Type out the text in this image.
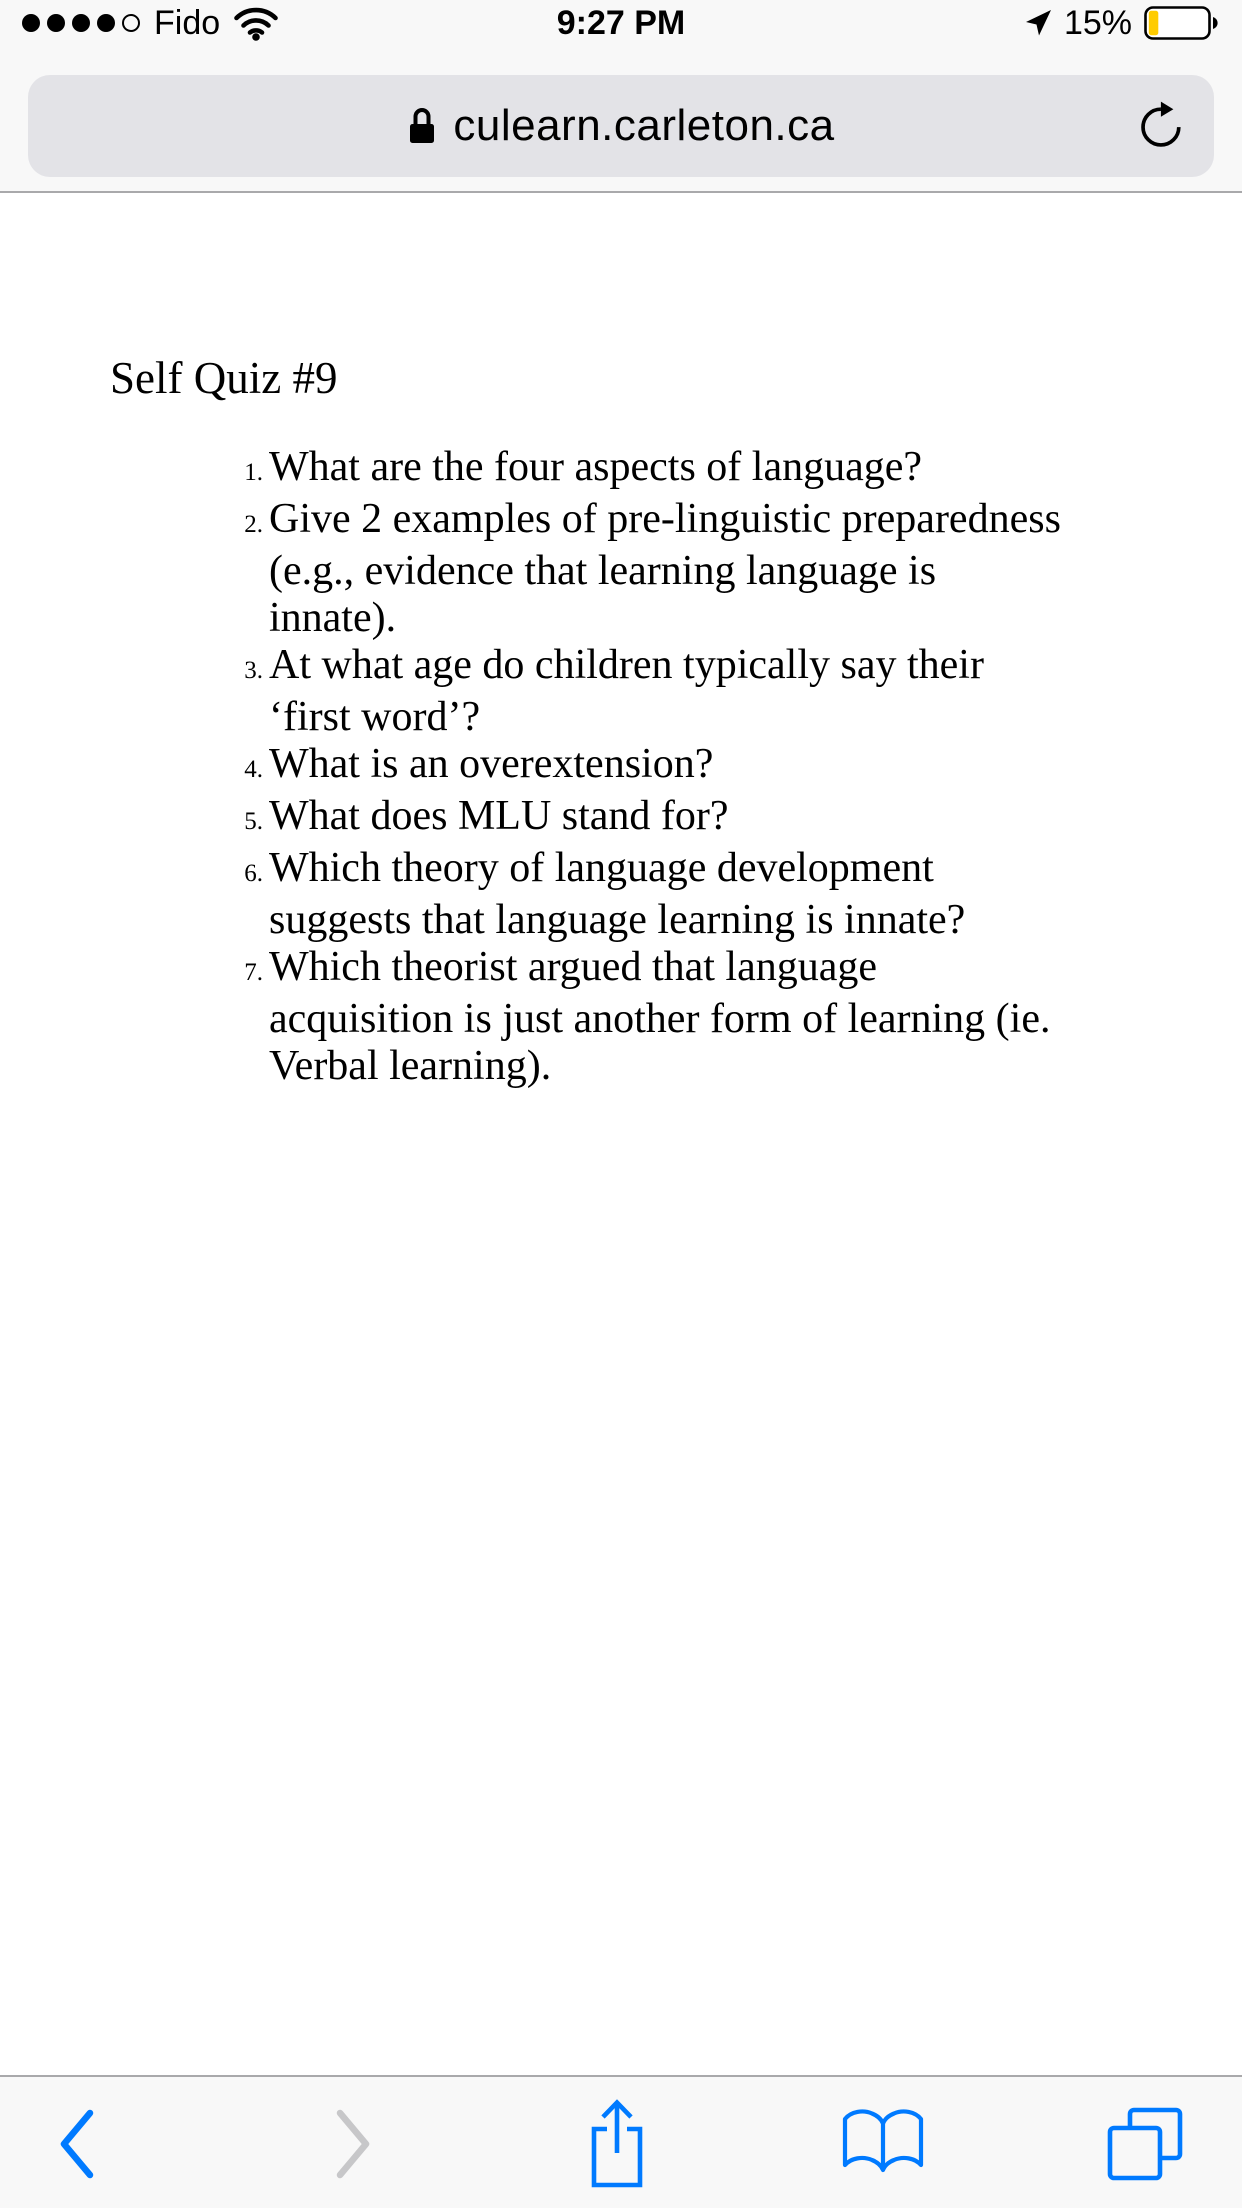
Fido	9:27 PM	15%
culearn.carleton.ca
Self Quiz #9
1. What are the four aspects of language?
2. Give 2 examples of pre-linguistic preparedness (e.g., evidence that learning language is innate).
3. At what age do children typically say their ‘first word’?
4. What is an overextension?
5. What does MLU stand for?
6. Which theory of language development suggests that language learning is innate?
7. Which theorist argued that language acquisition is just another form of learning (ie. Verbal learning).
